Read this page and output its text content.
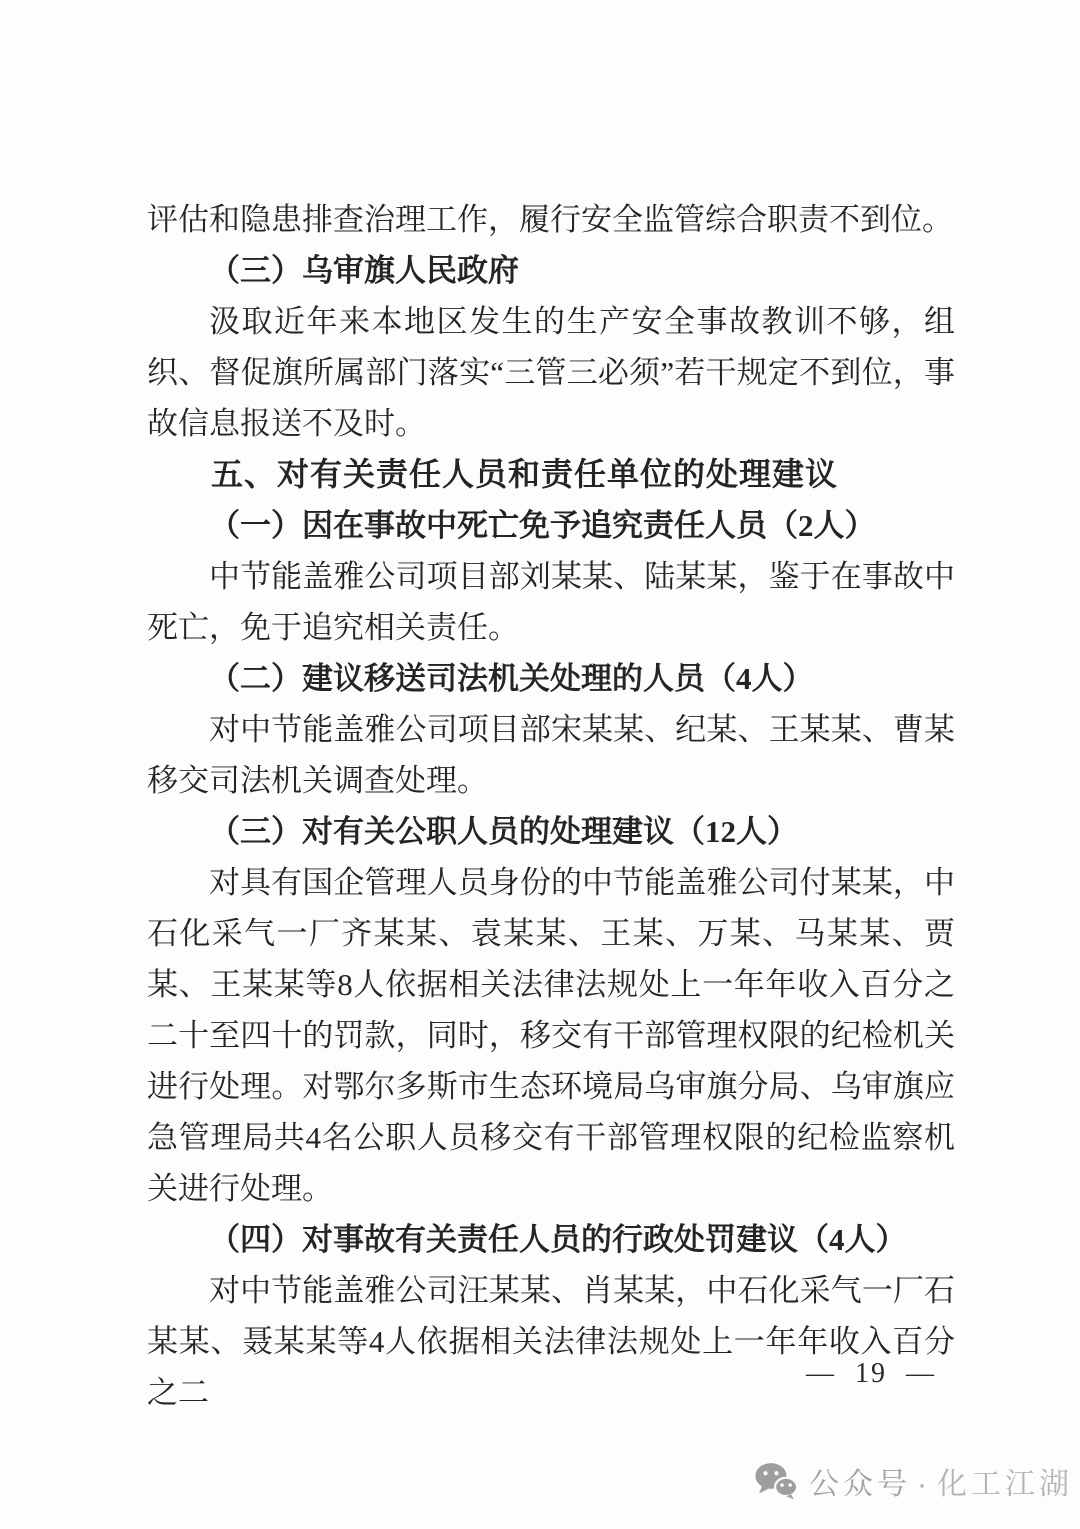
评估和隐患排查治理工作，履行安全监管综合职责不到位。

（三）乌审旗人民政府

汲取近年来本地区发生的生产安全事故教训不够，组织、督促旗所属部门落实“三管三必须”若干规定不到位，事故信息报送不及时。

五、对有关责任人员和责任单位的处理建议

（一）因在事故中死亡免予追究责任人员（2人）

中节能盖雅公司项目部刘某某、陆某某，鉴于在事故中死亡，免于追究相关责任。

（二）建议移送司法机关处理的人员（4人）

对中节能盖雅公司项目部宋某某、纪某、王某某、曹某移交司法机关调查处理。

（三）对有关公职人员的处理建议（12人）

对具有国企管理人员身份的中节能盖雅公司付某某，中石化采气一厂齐某某、袁某某、王某、万某、马某某、贾某、王某某等8人依据相关法律法规处上一年年收入百分之二十至四十的罚款，同时，移交有干部管理权限的纪检机关进行处理。对鄂尔多斯市生态环境局乌审旗分局、乌审旗应急管理局共4名公职人员移交有干部管理权限的纪检监察机关进行处理。

（四）对事故有关责任人员的行政处罚建议（4人）

对中节能盖雅公司汪某某、肖某某，中石化采气一厂石某某、聂某某等4人依据相关法律法规处上一年年收入百分之二

— 19 —
公众号 · 化工江湖
